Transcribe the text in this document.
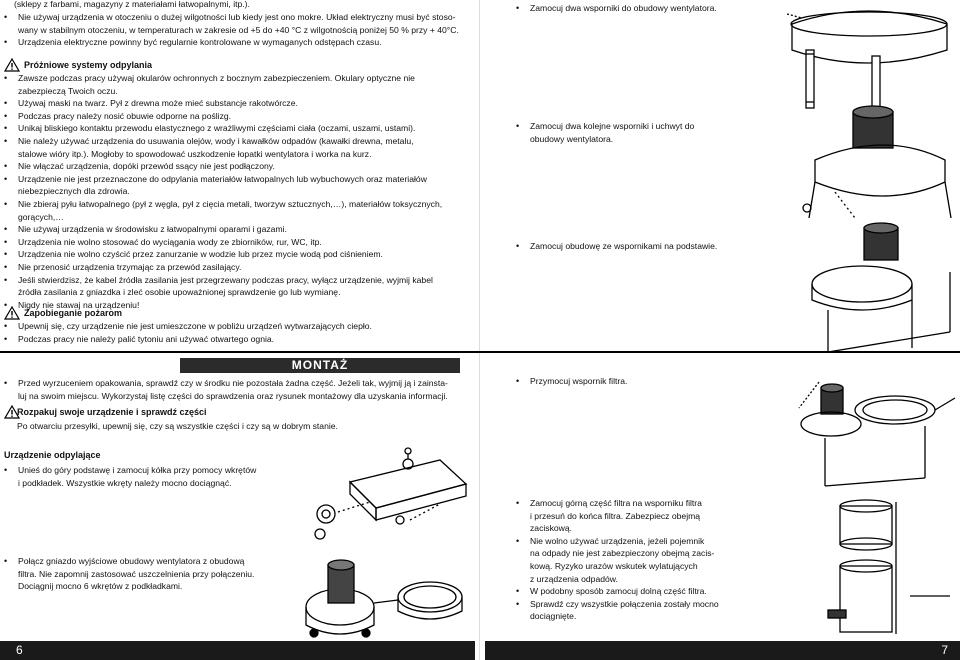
(sklepy z farbami, magazyny z materiałami łatwopalnymi, itp.).

• Nie używaj urządzenia w otoczeniu o dużej wilgotności lub kiedy jest ono mokre. Układ elektryczny musi być stoso-

wany w stabilnym otoczeniu, w temperaturach w zakresie od +5 do +40 °C z wilgotnością poniżej 50 % przy + 40°C.

• Urządzenia elektryczne powinny być regularnie kontrolowane w wymaganych odstępach czasu.

Próżniowe systemy odpylania

• Zawsze podczas pracy używaj okularów ochronnych z bocznym zabezpieczeniem. Okulary optyczne nie

zabezpieczą Twoich oczu.

• Używaj maski na twarz. Pył z drewna może mieć substancje rakotwórcze.

• Podczas pracy należy nosić obuwie odporne na poślizg.

• Unikaj bliskiego kontaktu przewodu elastycznego z wrażliwymi częściami ciała (oczami, uszami, ustami).

• Nie należy używać urządzenia do usuwania olejów, wody i kawałków odpadów (kawałki drewna, metalu,

stalowe wióry itp.). Mogłoby to spowodować uszkodzenie łopatki wentylatora i worka na kurz.

• Nie włączać urządzenia, dopóki przewód ssący nie jest podłączony.

• Urządzenie nie jest przeznaczone do odpylania materiałów łatwopalnych lub wybuchowych oraz materiałów

niebezpiecznych dla zdrowia.

• Nie zbieraj pyłu łatwopalnego (pył z węgla, pył z cięcia metali, tworzyw sztucznych,…), materiałów toksycznych,

gorących,…

• Nie używaj urządzenia w środowisku z łatwopalnymi oparami i gazami.

• Urządzenia nie wolno stosować do wyciągania wody ze zbiorników, rur, WC, itp.

• Urządzenia nie wolno czyścić przez zanurzanie w wodzie lub przez mycie wodą pod ciśnieniem.

• Nie przenosić urządzenia trzymając za przewód zasilający.

• Jeśli stwierdzisz, że kabel źródła zasilania jest przegrzewany podczas pracy, wyłącz urządzenie, wyjmij kabel

źródła zasilania z gniazdka i zleć osobie upoważnionej sprawdzenie go lub wymianę.

• Nigdy nie stawaj na urządzeniu!

Zapobieganie pożarom

• Upewnij się, czy urządzenie nie jest umieszczone w pobliżu urządzeń wytwarzających ciepło.

• Podczas pracy nie należy palić tytoniu ani używać otwartego ognia.

MONTAŻ

• Przed wyrzuceniem opakowania, sprawdź czy w środku nie pozostała żadna część. Jeżeli tak, wyjmij ją i zainsta-

luj na swoim miejscu. Wykorzystaj listę części do sprawdzenia oraz rysunek montażowy dla uzyskania informacji.

Rozpakuj swoje urządzenie i sprawdź części
Po otwarciu przesyłki, upewnij się, czy są wszystkie części i czy są w dobrym stanie.
Urządzenie odpylające

• Unieś do góry podstawę i zamocuj kółka przy pomocy wkrętów

i podkładek. Wszystkie wkręty należy mocno dociągnąć.

• Połącz gniazdo wyjściowe obudowy wentylatora z obudową

filtra. Nie zapomnij zastosować uszczelnienia przy połączeniu.

Dociągnij mocno 6 wkrętów z podkładkami.

6

• Zamocuj dwa wsporniki do obudowy wentylatora.

• Zamocuj dwa kolejne wsporniki i uchwyt do

obudowy wentylatora.

• Zamocuj obudowę ze wspornikami na podstawie.

• Przymocuj wspornik filtra.

• Zamocuj górną część filtra na wsporniku filtra

i przesuń do końca filtra. Zabezpiecz obejmą

zaciskową.

• Nie wolno używać urządzenia, jeżeli pojemnik

na odpady nie jest zabezpieczony obejmą zacis-

kową. Ryzyko urazów wskutek wylatujących

z urządzenia odpadów.

• W podobny sposób zamocuj dolną część filtra.

• Sprawdź czy wszystkie połączenia zostały mocno

dociągnięte.

7
